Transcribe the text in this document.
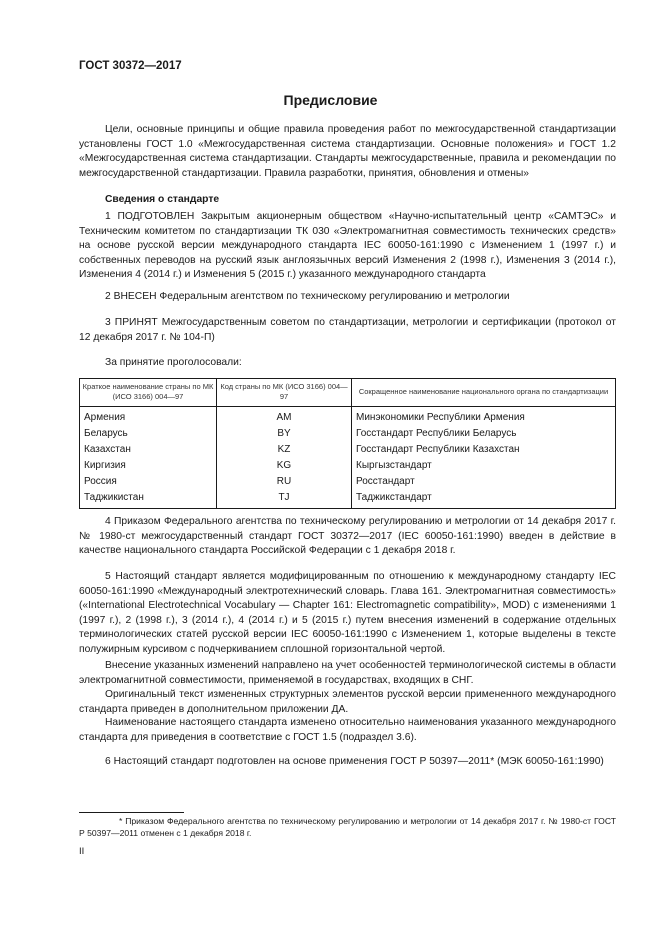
ГОСТ 30372—2017
Предисловие

Цели, основные принципы и общие правила проведения работ по межгосударственной стандартизации установлены ГОСТ 1.0 «Межгосударственная система стандартизации. Основные положения» и ГОСТ 1.2 «Межгосударственная система стандартизации. Стандарты межгосударственные, правила и рекомендации по межгосударственной стандартизации. Правила разработки, принятия, обновления и отмены»

Сведения о стандарте

1 ПОДГОТОВЛЕН Закрытым акционерным обществом «Научно-испытательный центр «САМТЭС» и Техническим комитетом по стандартизации ТК 030 «Электромагнитная совместимость технических средств» на основе русской версии международного стандарта IEC 60050-161:1990 с Изменением 1 (1997 г.) и собственных переводов на русский язык англоязычных версий Изменения 2 (1998 г.), Изменения 3 (2014 г.), Изменения 4 (2014 г.) и Изменения 5 (2015 г.) указанного международного стандарта

2 ВНЕСЕН Федеральным агентством по техническому регулированию и метрологии

3 ПРИНЯТ Межгосударственным советом по стандартизации, метрологии и сертификации (протокол от 12 декабря 2017 г. № 104-П)

За принятие проголосовали:

Краткое наименование страны по МК (ИСО 3166) 004—97	Код страны по МК (ИСО 3166) 004—97	Сокращенное наименование национального органа по стандартизации
Армения	AM	Минэкономики Республики Армения
Беларусь	BY	Госстандарт Республики Беларусь
Казахстан	KZ	Госстандарт Республики Казахстан
Киргизия	KG	Кыргызстандарт
Россия	RU	Росстандарт
Таджикистан	TJ	Таджикстандарт

4 Приказом Федерального агентства по техническому регулированию и метрологии от 14 декабря 2017 г. № 1980-ст межгосударственный стандарт ГОСТ 30372—2017 (IEC 60050-161:1990) введен в действие в качестве национального стандарта Российской Федерации с 1 декабря 2018 г.

5 Настоящий стандарт является модифицированным по отношению к международному стандарту IEC 60050-161:1990 «Международный электротехнический словарь. Глава 161. Электромагнитная совместимость» («International Electrotechnical Vocabulary — Chapter 161: Electromagnetic compatibility», MOD) с изменениями 1 (1997 г.), 2 (1998 г.), 3 (2014 г.), 4 (2014 г.) и 5 (2015 г.) путем внесения изменений в содержание отдельных терминологических статей русской версии IEC 60050-161:1990 с Изменением 1, которые выделены в тексте полужирным курсивом с подчеркиванием сплошной горизонтальной чертой.

Внесение указанных изменений направлено на учет особенностей терминологической системы в области электромагнитной совместимости, применяемой в государствах, входящих в СНГ.

Оригинальный текст измененных структурных элементов русской версии примененного международного стандарта приведен в дополнительном приложении ДА.

Наименование настоящего стандарта изменено относительно наименования указанного международного стандарта для приведения в соответствие с ГОСТ 1.5 (подраздел 3.6).

6 Настоящий стандарт подготовлен на основе применения ГОСТ Р 50397—2011* (МЭК 60050-161:1990)

* Приказом Федерального агентства по техническому регулированию и метрологии от 14 декабря 2017 г. № 1980-ст ГОСТ Р 50397—2011 отменен с 1 декабря 2018 г.

II
